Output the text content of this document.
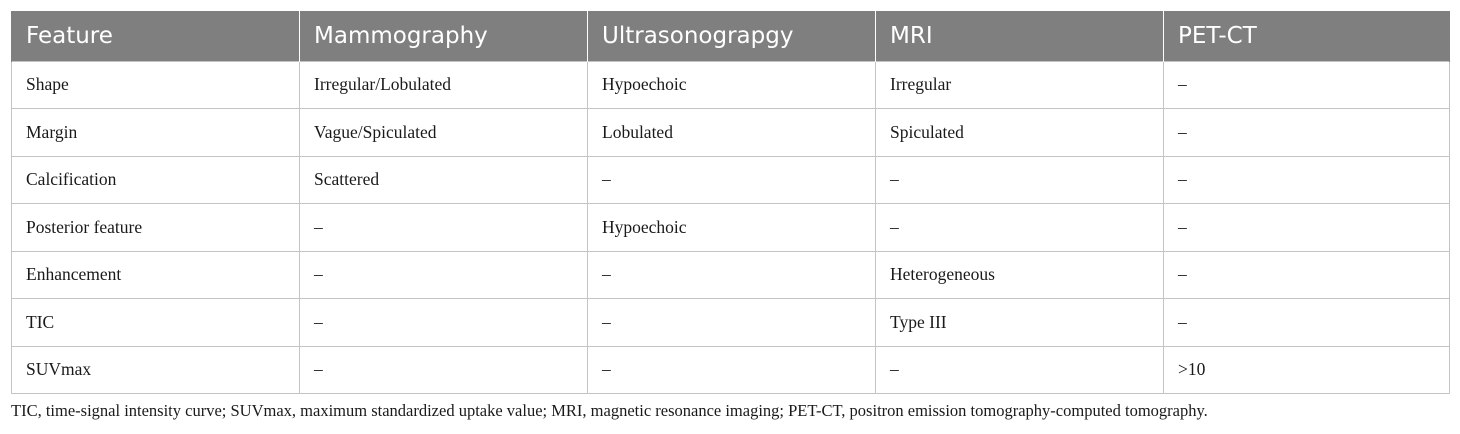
Feature	Mammography	Ultrasonograpgy	MRI	PET-CT
Shape	Irregular/Lobulated	Hypoechoic	Irregular	–
Margin	Vague/Spiculated	Lobulated	Spiculated	–
Calcification	Scattered	–	–	–
Posterior feature	–	Hypoechoic	–	–
Enhancement	–	–	Heterogeneous	–
TIC	–	–	Type III	–
SUVmax	–	–	–	>10
TIC, time-signal intensity curve; SUVmax, maximum standardized uptake value; MRI, magnetic resonance imaging; PET-CT, positron emission tomography-computed tomography.
